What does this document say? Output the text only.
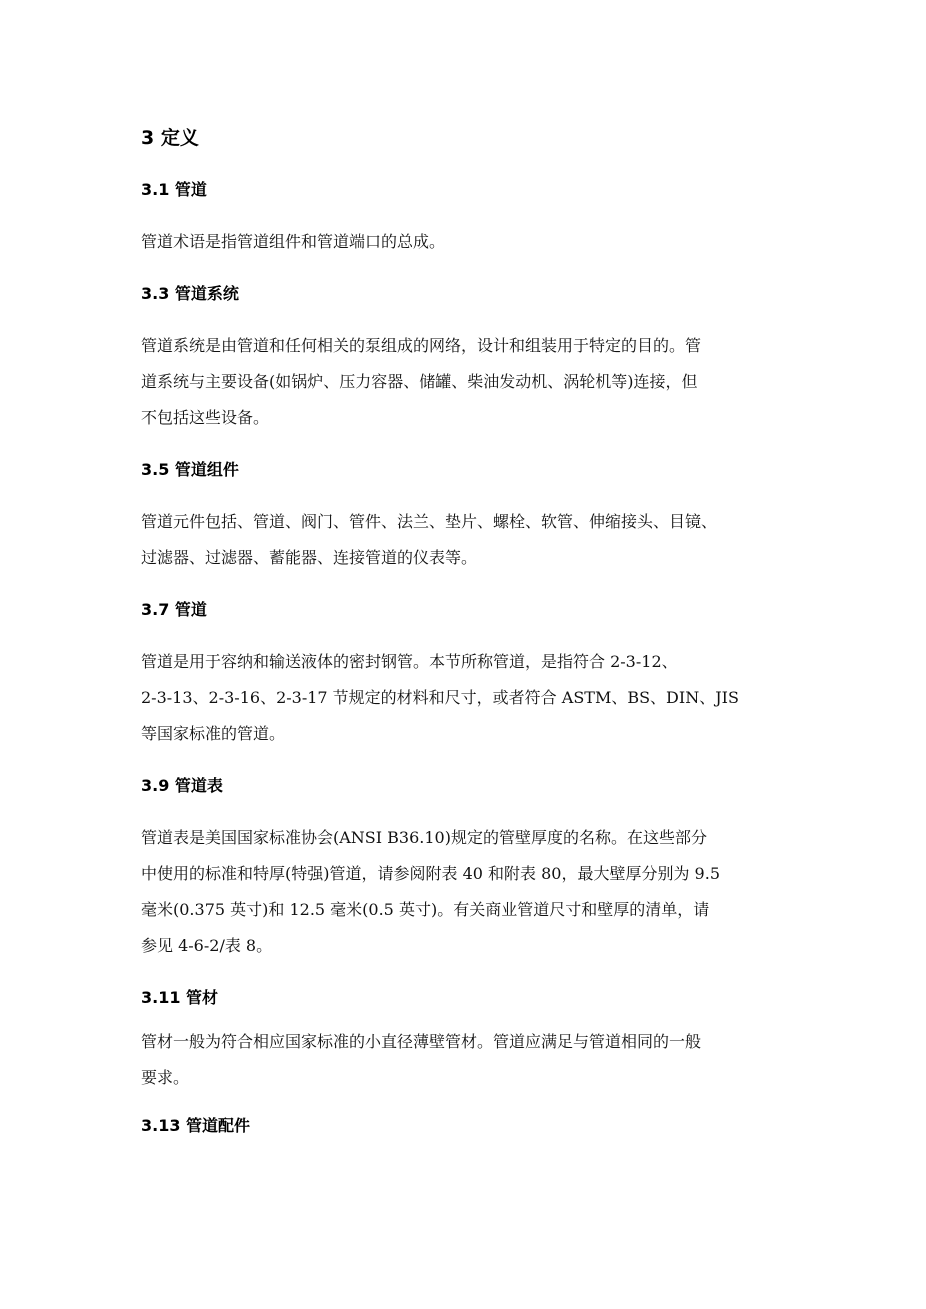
3 定义
3.1 管道
管道术语是指管道组件和管道端口的总成。
3.3 管道系统
管道系统是由管道和任何相关的泵组成的网络，设计和组装用于特定的目的。管
道系统与主要设备(如锅炉、压力容器、储罐、柴油发动机、涡轮机等)连接，但
不包括这些设备。
3.5 管道组件
管道元件包括、管道、阀门、管件、法兰、垫片、螺栓、软管、伸缩接头、目镜、
过滤器、过滤器、蓄能器、连接管道的仪表等。
3.7 管道
管道是用于容纳和输送液体的密封钢管。本节所称管道，是指符合 2-3-12、
2-3-13、2-3-16、2-3-17 节规定的材料和尺寸，或者符合 ASTM、BS、DIN、JIS
等国家标准的管道。
3.9 管道表
管道表是美国国家标准协会(ANSI B36.10)规定的管壁厚度的名称。在这些部分
中使用的标准和特厚(特强)管道，请参阅附表 40 和附表 80，最大壁厚分别为 9.5
毫米(0.375 英寸)和 12.5 毫米(0.5 英寸)。有关商业管道尺寸和壁厚的清单，请
参见 4-6-2/表 8。
3.11 管材
管材一般为符合相应国家标准的小直径薄壁管材。管道应满足与管道相同的一般
要求。
3.13 管道配件
